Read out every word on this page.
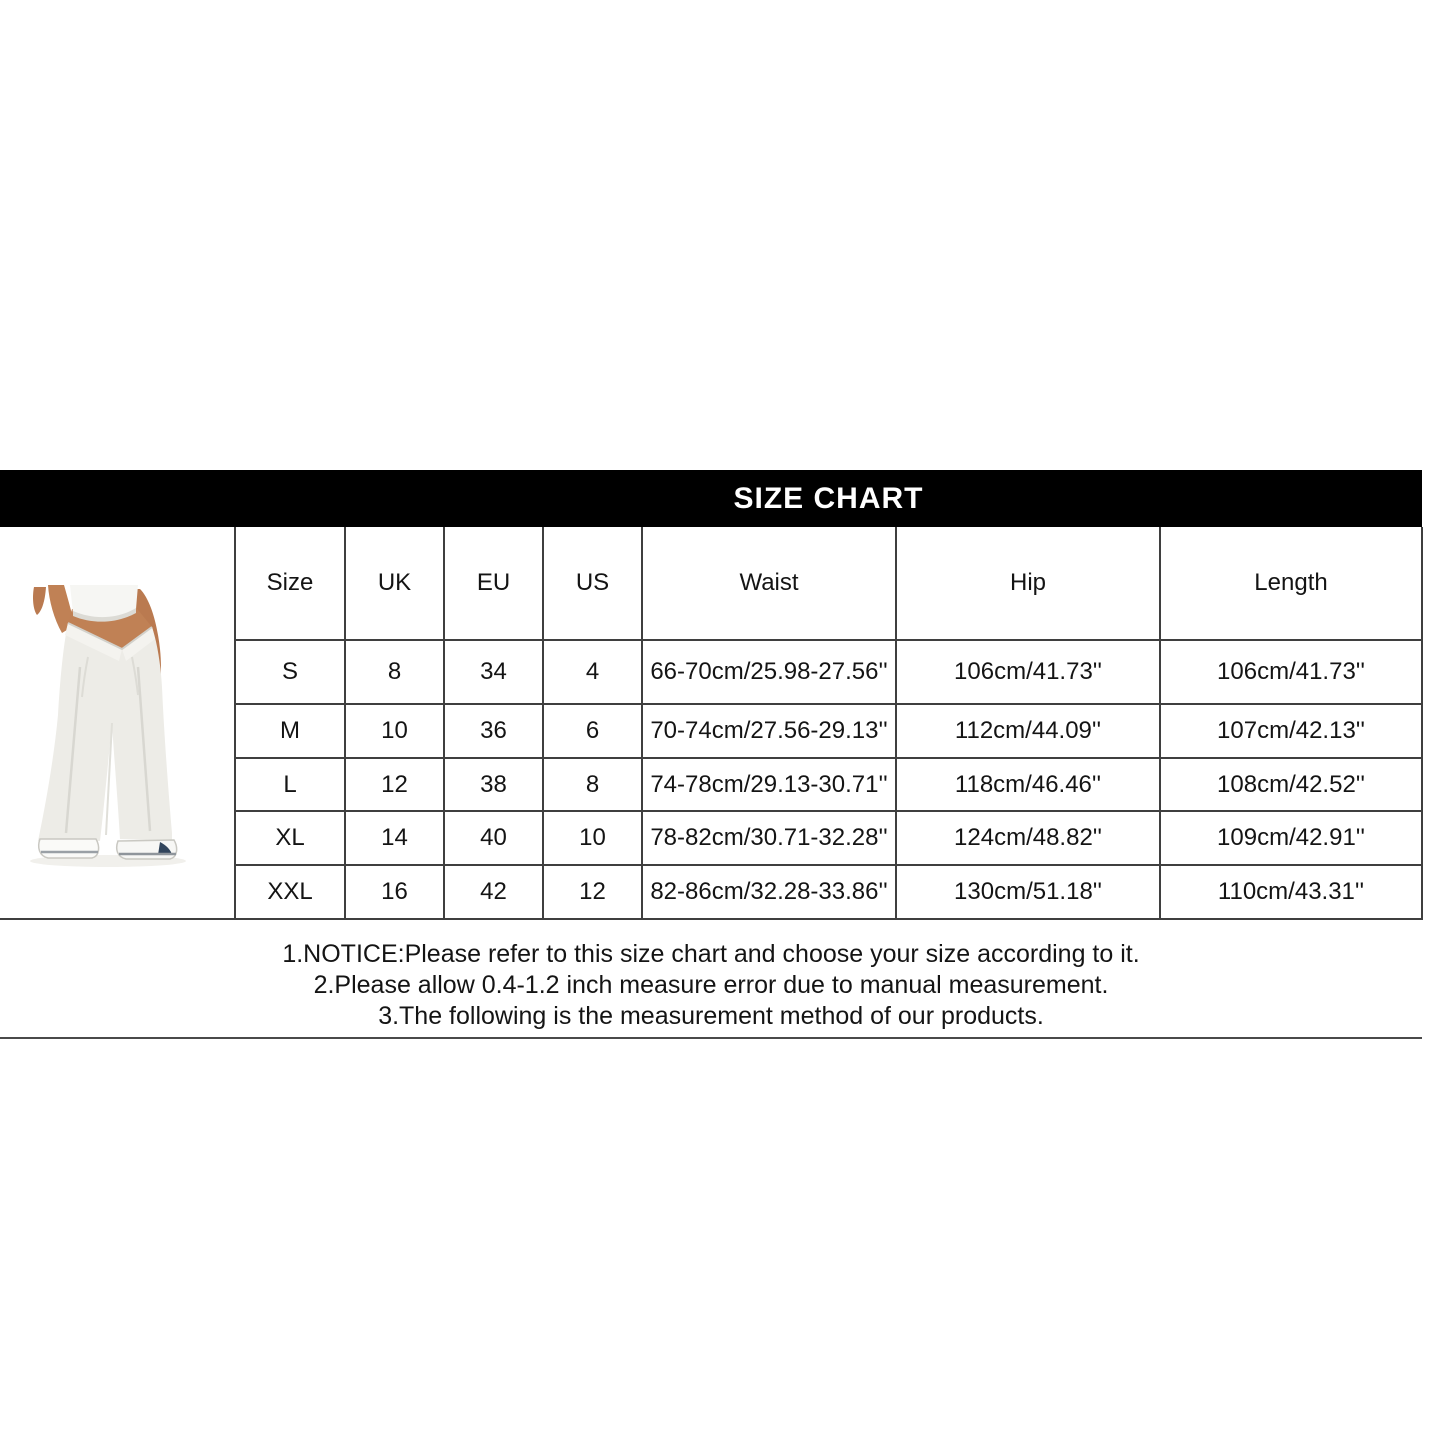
SIZE CHART
	Size	UK	EU	US	Waist	Hip	Length
	S	8	34	4	66-70cm/25.98-27.56''	106cm/41.73''	106cm/41.73''
	M	10	36	6	70-74cm/27.56-29.13''	112cm/44.09''	107cm/42.13''
	L	12	38	8	74-78cm/29.13-30.71''	118cm/46.46''	108cm/42.52''
	XL	14	40	10	78-82cm/30.71-32.28''	124cm/48.82''	109cm/42.91''
	XXL	16	42	12	82-86cm/32.28-33.86''	130cm/51.18''	110cm/43.31''
1.NOTICE:Please refer to this size chart and choose your size according to it.
2.Please allow 0.4-1.2 inch measure error due to manual measurement.
3.The following is the measurement method of our products.
